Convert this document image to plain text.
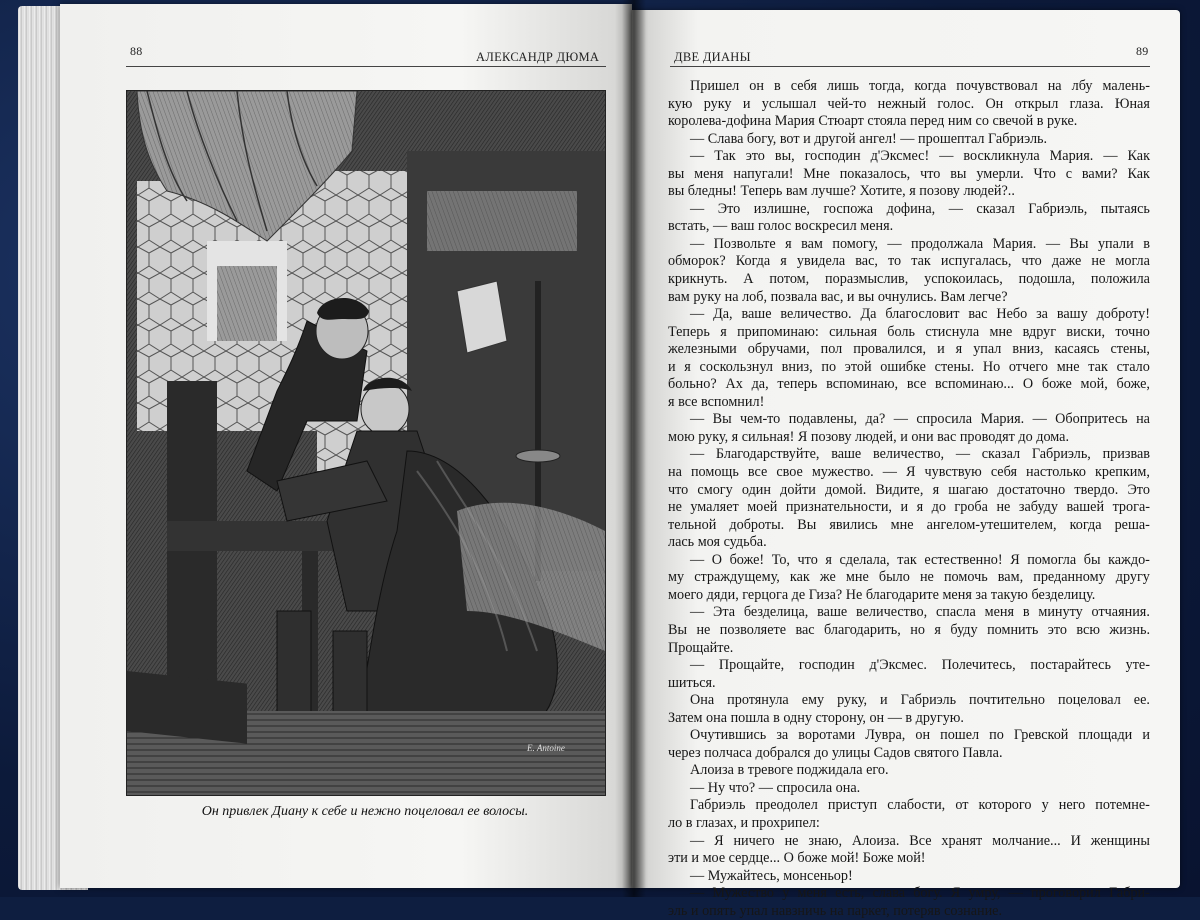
88	АЛЕКСАНДР ДЮМА
E. Antoine
Он привлек Диану к себе и нежно поцеловал ее волосы.
ДВЕ ДИАНЫ	89
Пришел он в себя лишь тогда, когда почувствовал на лбу малень-
кую руку и услышал чей-то нежный голос. Он открыл глаза. Юная
королева-дофина Мария Стюарт стояла перед ним со свечой в руке.
— Слава богу, вот и другой ангел! — прошептал Габриэль.
— Так это вы, господин д'Эксмес! — воскликнула Мария. — Как
вы меня напугали! Мне показалось, что вы умерли. Что с вами? Как
вы бледны! Теперь вам лучше? Хотите, я позову людей?..
— Это излишне, госпожа дофина, — сказал Габриэль, пытаясь
встать, — ваш голос воскресил меня.
— Позвольте я вам помогу, — продолжала Мария. — Вы упали в
обморок? Когда я увидела вас, то так испугалась, что даже не могла
крикнуть. А потом, поразмыслив, успокоилась, подошла, положила
вам руку на лоб, позвала вас, и вы очнулись. Вам легче?
— Да, ваше величество. Да благословит вас Небо за вашу доброту!
Теперь я припоминаю: сильная боль стиснула мне вдруг виски, точно
железными обручами, пол провалился, и я упал вниз, касаясь стены,
и я соскользнул вниз, по этой ошибке стены. Но отчего мне так стало
больно? Ах да, теперь вспоминаю, все вспоминаю... О боже мой, боже,
я все вспомнил!
— Вы чем-то подавлены, да? — спросила Мария. — Обопритесь на
мою руку, я сильная! Я позову людей, и они вас проводят до дома.
— Благодарствуйте, ваше величество, — сказал Габриэль, призвав
на помощь все свое мужество. — Я чувствую себя настолько крепким,
что смогу один дойти домой. Видите, я шагаю достаточно твердо. Это
не умаляет моей признательности, и я до гроба не забуду вашей трога-
тельной доброты. Вы явились мне ангелом-утешителем, когда реша-
лась моя судьба.
— О боже! То, что я сделала, так естественно! Я помогла бы каждо-
му страждущему, как же мне было не помочь вам, преданному другу
моего дяди, герцога де Гиза? Не благодарите меня за такую безделицу.
— Эта безделица, ваше величество, спасла меня в минуту отчаяния.
Вы не позволяете вас благодарить, но я буду помнить это всю жизнь.
Прощайте.
— Прощайте, господин д'Эксмес. Полечитесь, постарайтесь уте-
шиться.
Она протянула ему руку, и Габриэль почтительно поцеловал ее.
Затем она пошла в одну сторону, он — в другую.
Очутившись за воротами Лувра, он пошел по Гревской площади и
через полчаса добрался до улицы Садов святого Павла.
Алоиза в тревоге поджидала его.
— Ну что? — спросила она.
Габриэль преодолел приступ слабости, от которого у него потемне-
ло в глазах, и прохрипел:
— Я ничего не знаю, Алоиза. Все хранят молчание... И женщины
эти и мое сердце... О боже мой! Боже мой!
— Мужайтесь, монсеньор!
— Мужество у меня есть, слава богу. Я умру, — проговорил Габри-
эль и опять упал навзничь на паркет, потеряв сознание.
